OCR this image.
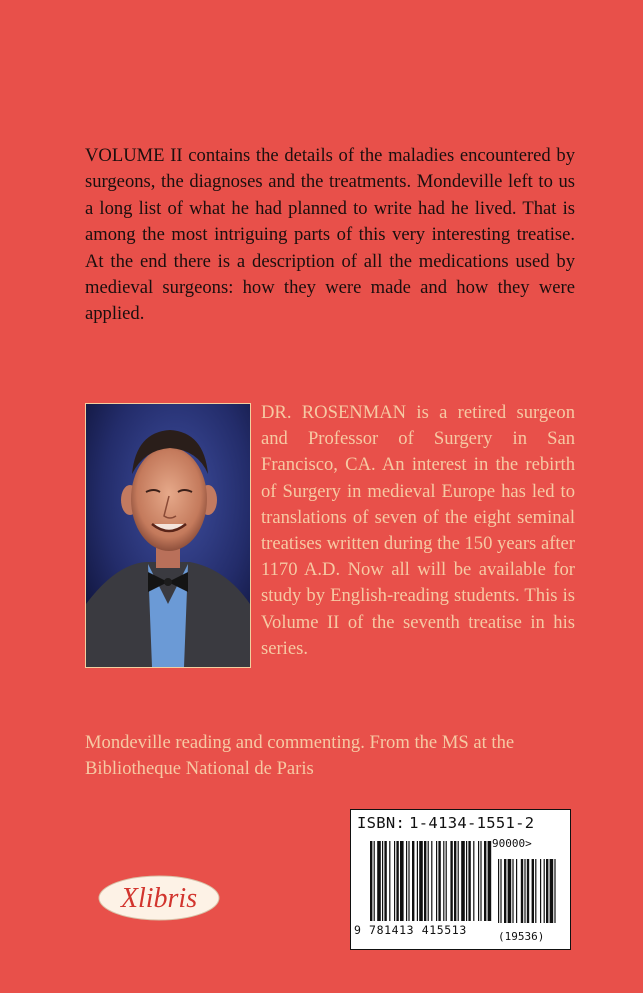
VOLUME II contains the details of the maladies encountered by surgeons, the diagnoses and the treatments. Mondeville left to us a long list of what he had planned to write had he lived. That is among the most intriguing parts of this very interesting treatise. At the end there is a description of all the medications used by medieval surgeons: how they were made and how they were applied.

DR. ROSENMAN is a retired surgeon and Professor of Surgery in San Francisco, CA. An interest in the rebirth of Surgery in medieval Europe has led to translations of seven of the eight seminal treatises written during the 150 years after 1170 A.D. Now all will be available for study by English-reading students. This is Volume II of the seventh treatise in his series.

Mondeville reading and commenting. From the MS at the Bibliotheque National de Paris

Xlibris
ISBN: 1-4134-1551-2
90000>
9 781413 415513	(19536)
